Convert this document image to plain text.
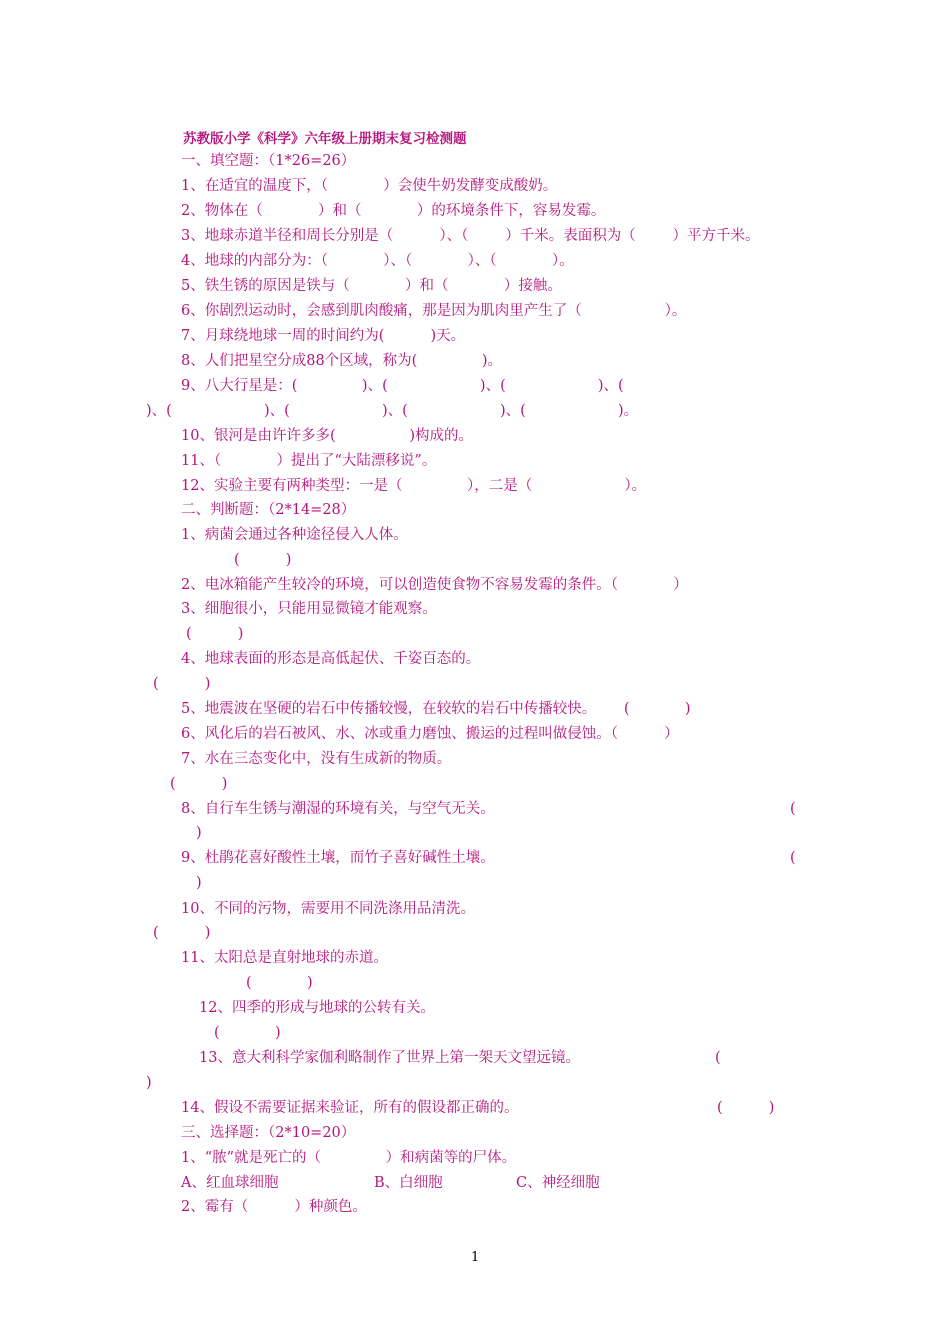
苏教版小学《科学》六年级上册期末复习检测题
一、填空题：（1*26=26）
1、在适宜的温度下，（            ）会使牛奶发酵变成酸奶。
2、物体在（            ）和（            ）的环境条件下，容易发霉。
3、地球赤道半径和周长分别是（          ）、（        ）千米。表面积为（        ）平方千米。
4、地球的内部分为：（            ）、（            ）、（            ）。
5、铁生锈的原因是铁与（            ）和（            ）接触。
6、你剧烈运动时，会感到肌肉酸痛，那是因为肌肉里产生了（                  ）。
7、月球绕地球一周的时间约为(          )天。
8、人们把星空分成88个区域，称为(              )。
9、八大行星是：(              )、(                    )、(                    )、(
)、(                    )、(                    )、(                    )、(                    )。
10、银河是由许许多多(                )构成的。
11、（            ）提出了“大陆漂移说”。
12、实验主要有两种类型：一是（              ），二是（                    ）。
二、判断题：（2*14=28）
1、病菌会通过各种途径侵入人体。
(          )
2、电冰箱能产生较冷的环境，可以创造使食物不容易发霉的条件。（            ）
3、细胞很小，只能用显微镜才能观察。
(          )
4、地球表面的形态是高低起伏、千姿百态的。
(          )
5、地震波在坚硬的岩石中传播较慢，在较软的岩石中传播较快。      (            )
6、风化后的岩石被风、水、冰或重力磨蚀、搬运的过程叫做侵蚀。（          ）
7、水在三态变化中，没有生成新的物质。
(          )
8、自行车生锈与潮湿的环境有关，与空气无关。	(
)
9、杜鹃花喜好酸性土壤，而竹子喜好碱性土壤。	(
)
10、不同的污物，需要用不同洗涤用品清洗。
(          )
11、太阳总是直射地球的赤道。
(            )
12、四季的形成与地球的公转有关。
(            )
13、意大利科学家伽利略制作了世界上第一架天文望远镜。	(
)
14、假设不需要证据来验证，所有的假设都正确的。	(          )
三、选择题：（2*10=20）
1、“脓”就是死亡的（              ）和病菌等的尸体。
A、红血球细胞	B、白细胞	C、神经细胞
2、霉有（          ）种颜色。
1
